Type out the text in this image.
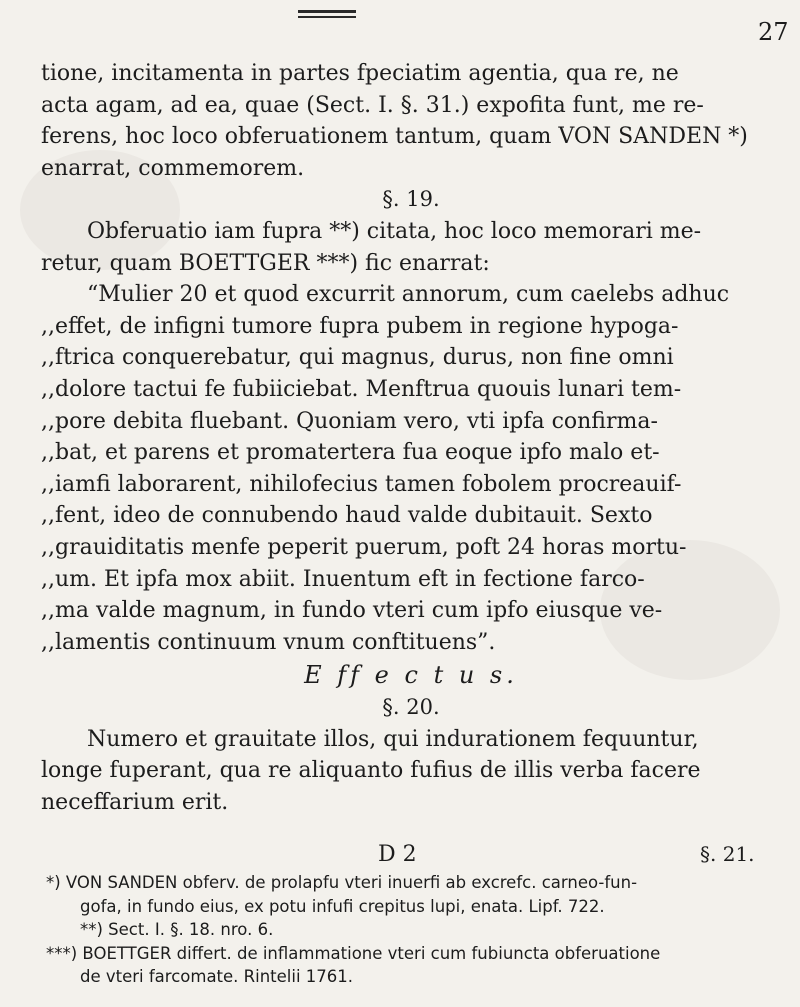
27
tione, incitamenta in partes fpeciatim agentia, qua re, ne
acta agam, ad ea, quae (Sect. I. §. 31.) expofita funt, me re-
ferens, hoc loco obferuationem tantum, quam VON SANDEN *)
enarrat, commemorem.
§. 19.
Obferuatio iam fupra **) citata, hoc loco memorari me-
retur, quam BOETTGER ***) fic enarrat:
“Mulier 20 et quod excurrit annorum, cum caelebs adhuc
,,effet, de infigni tumore fupra pubem in regione hypoga-
,,ftrica conquerebatur, qui magnus, durus, non fine omni
,,dolore tactui fe fubiiciebat. Menftrua quouis lunari tem-
,,pore debita fluebant. Quoniam vero, vti ipfa confirma-
,,bat, et parens et promatertera fua eoque ipfo malo et-
,,iamfi laborarent, nihilofecius tamen fobolem procreauif-
,,fent, ideo de connubendo haud valde dubitauit. Sexto
,,grauiditatis menfe peperit puerum, poft 24 horas mortu-
,,um. Et ipfa mox abiit. Inuentum eft in fectione farco-
,,ma valde magnum, in fundo vteri cum ipfo eiusque ve-
,,lamentis continuum vnum conftituens”.
E ff e c t u s.
§. 20.
Numero et grauitate illos, qui indurationem fequuntur,
longe fuperant, qua re aliquanto fufius de illis verba facere
neceffarium erit.
D 2	§. 21.
*) VON SANDEN obferv. de prolapfu vteri inuerfi ab excrefc. carneo-fun-
gofa, in fundo eius, ex potu infufi crepitus lupi, enata. Lipf. 722.
**) Sect. I. §. 18. nro. 6.
***) BOETTGER differt. de inflammatione vteri cum fubiuncta obferuatione
de vteri farcomate. Rintelii 1761.
